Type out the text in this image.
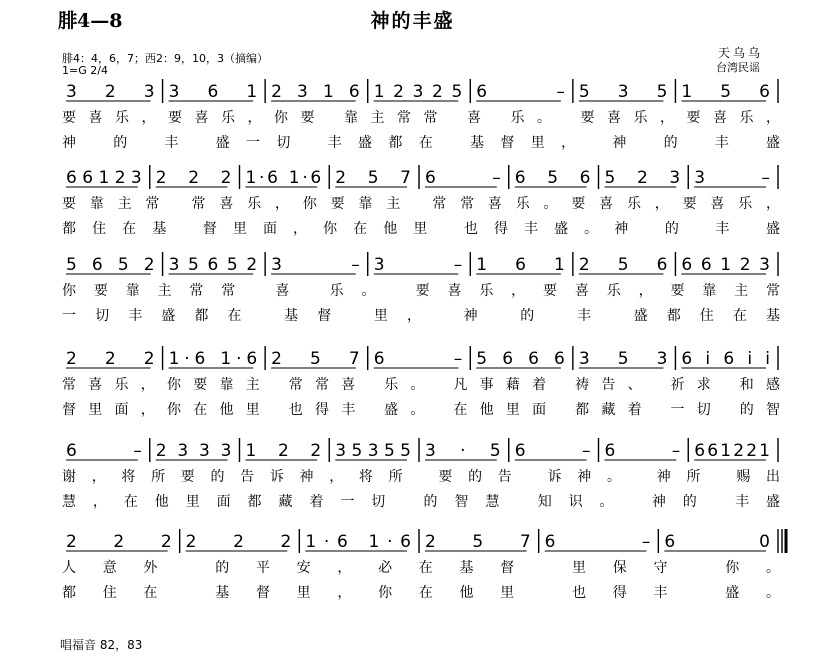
腓4—8	神的丰盛
腓4：4，6，7；西2：9，10，3（摘编）
1=G 2/4
天乌乌
台湾民谣
唱福音 82，83
3 2 3 3 6 1 2 3 1 6 1 2 3 2 5 6 – 5 3 5 1 5 6
要喜乐，要喜乐，你要 靠主常常 喜 乐。 要喜乐，要喜乐，
神 的 丰 盛一切 丰盛都在 基督里， 神 的 丰 盛
6 6 1 2 3 2 2 2 1·6 1·6 2 5 7 6 – 6 5 6 5 2 3 3 –
要靠主常 常喜乐，你要靠主 常常喜乐。要喜乐，要喜乐，
都住在基 督里面，你在他里 也得丰盛。神 的 丰 盛
5 6 5 2 3 5 6 5 2 3 – 3 – 1 6 1 2 5 6 6 6 1 2 3
你要靠主常常 喜 乐。 要喜乐，要喜乐，要靠主常
一切丰盛都在 基督 里， 神 的 丰 盛都住在基
2 2 2 1·6 1·6 2 5 7 6 – 5 6 6 6 3 5 3 6 i 6 i i
常喜乐，你要靠主 常常喜 乐。 凡事藉着 祷告、 祈求 和感
督里面，你在他里 也得丰 盛。 在他里面 都藏着 一切 的智
6 – 2 3 3 3 1 2 2 3 5 3 5 5 3·5 6 – 6 – 6 6 1 2 2 1
谢，将所要的告诉神，将所 要的告 诉神。 神所 赐出
慧，在他里面都藏着一切 的智慧 知识。 神的 丰盛
2 2 2 2 2 2 1·6 1·6 2 5 7 6 – 6 0
人意外 的平安，必在基督 里保守 你。
都住在 基督里，你在他里 也得丰 盛。
